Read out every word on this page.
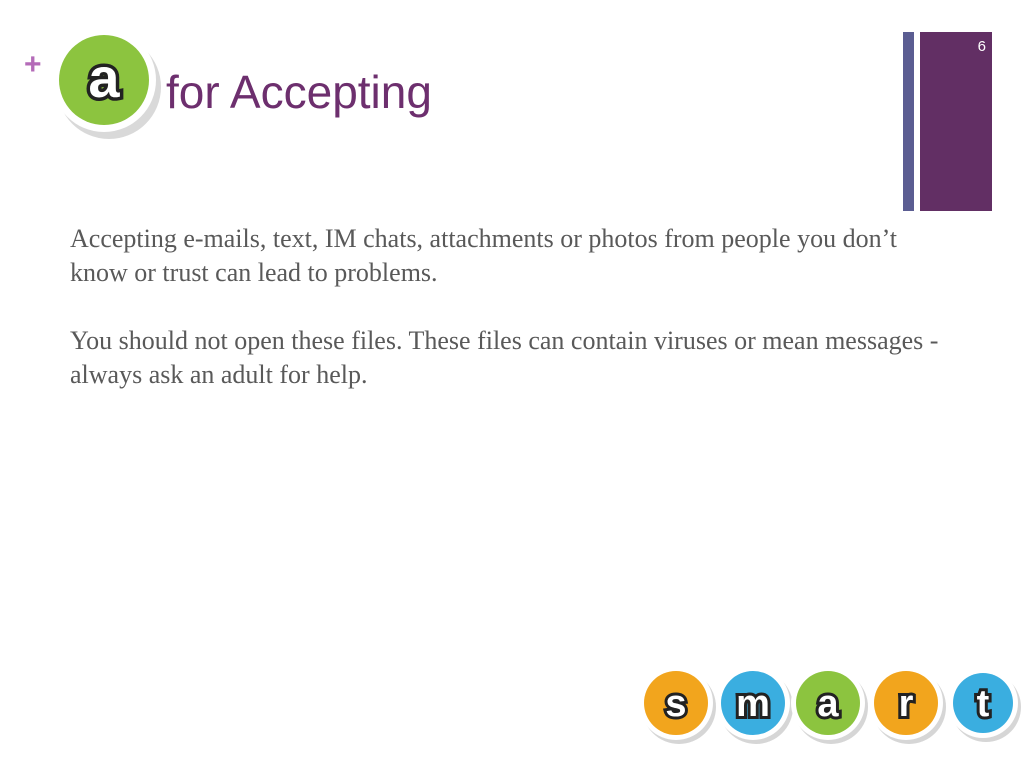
+ a for Accepting
6

Accepting e-mails, text, IM chats, attachments or photos from people you don’t know or trust can lead to problems.

You should not open these files. These files can contain viruses or mean messages - always ask an adult for help.

s m a r t
